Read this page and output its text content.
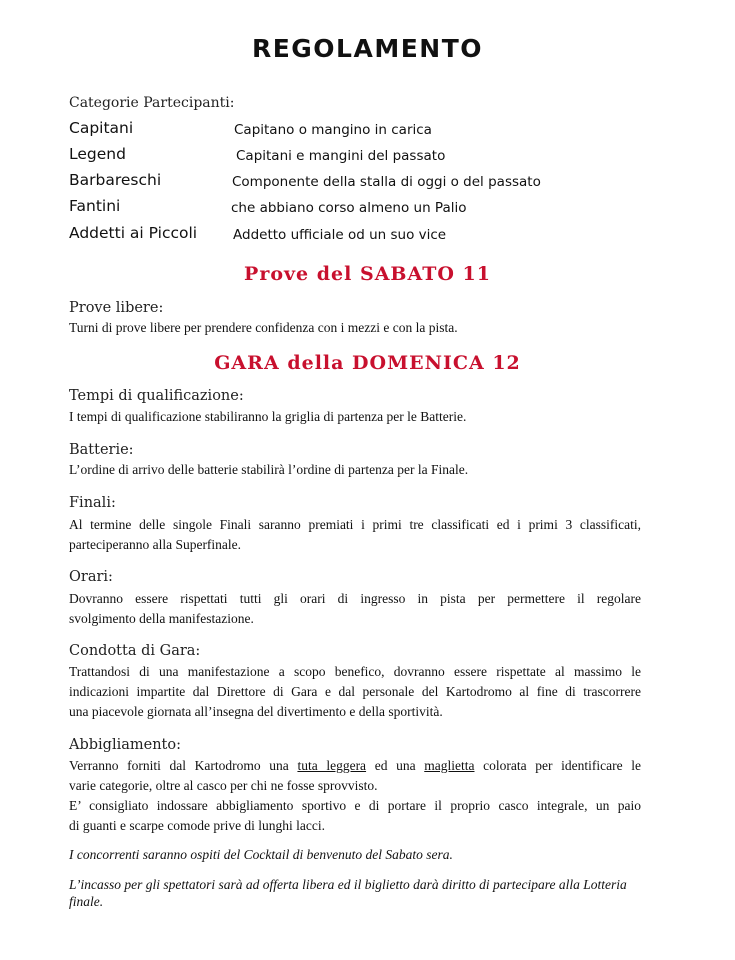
REGOLAMENTO
Categorie Partecipanti:
Capitani	Capitano o mangino in carica
Legend	Capitani e mangini del passato
Barbareschi	Componente della stalla di oggi o del passato
Fantini	che abbiano corso almeno un Palio
Addetti ai Piccoli	Addetto ufficiale od un suo vice
Prove del SABATO 11
Prove libere:
Turni di prove libere per prendere confidenza con i mezzi e con la pista.
GARA della DOMENICA 12
Tempi di qualificazione:
I tempi di qualificazione stabiliranno la griglia di partenza per le Batterie.
Batterie:
L’ordine di arrivo delle batterie stabilirà l’ordine di partenza per la Finale.
Finali:
Al termine delle singole Finali saranno premiati i primi tre classificati ed i primi 3 classificati,
parteciperanno alla Superfinale.
Orari:
Dovranno essere rispettati tutti gli orari di ingresso in pista per permettere il regolare
svolgimento della manifestazione.
Condotta di Gara:
Trattandosi di una manifestazione a scopo benefico, dovranno essere rispettate al massimo le
indicazioni impartite dal Direttore di Gara e dal personale del Kartodromo al fine di trascorrere
una piacevole giornata all’insegna del divertimento e della sportività.
Abbigliamento:
Verranno forniti dal Kartodromo una tuta leggera ed una maglietta colorata per identificare le
varie categorie, oltre al casco per chi ne fosse sprovvisto.
E’ consigliato indossare abbigliamento sportivo e di portare il proprio casco integrale, un paio
di guanti e scarpe comode prive di lunghi lacci.
I concorrenti saranno ospiti del Cocktail di benvenuto del Sabato sera.
L’incasso per gli spettatori sarà ad offerta libera ed il biglietto darà diritto di partecipare alla Lotteria finale.
